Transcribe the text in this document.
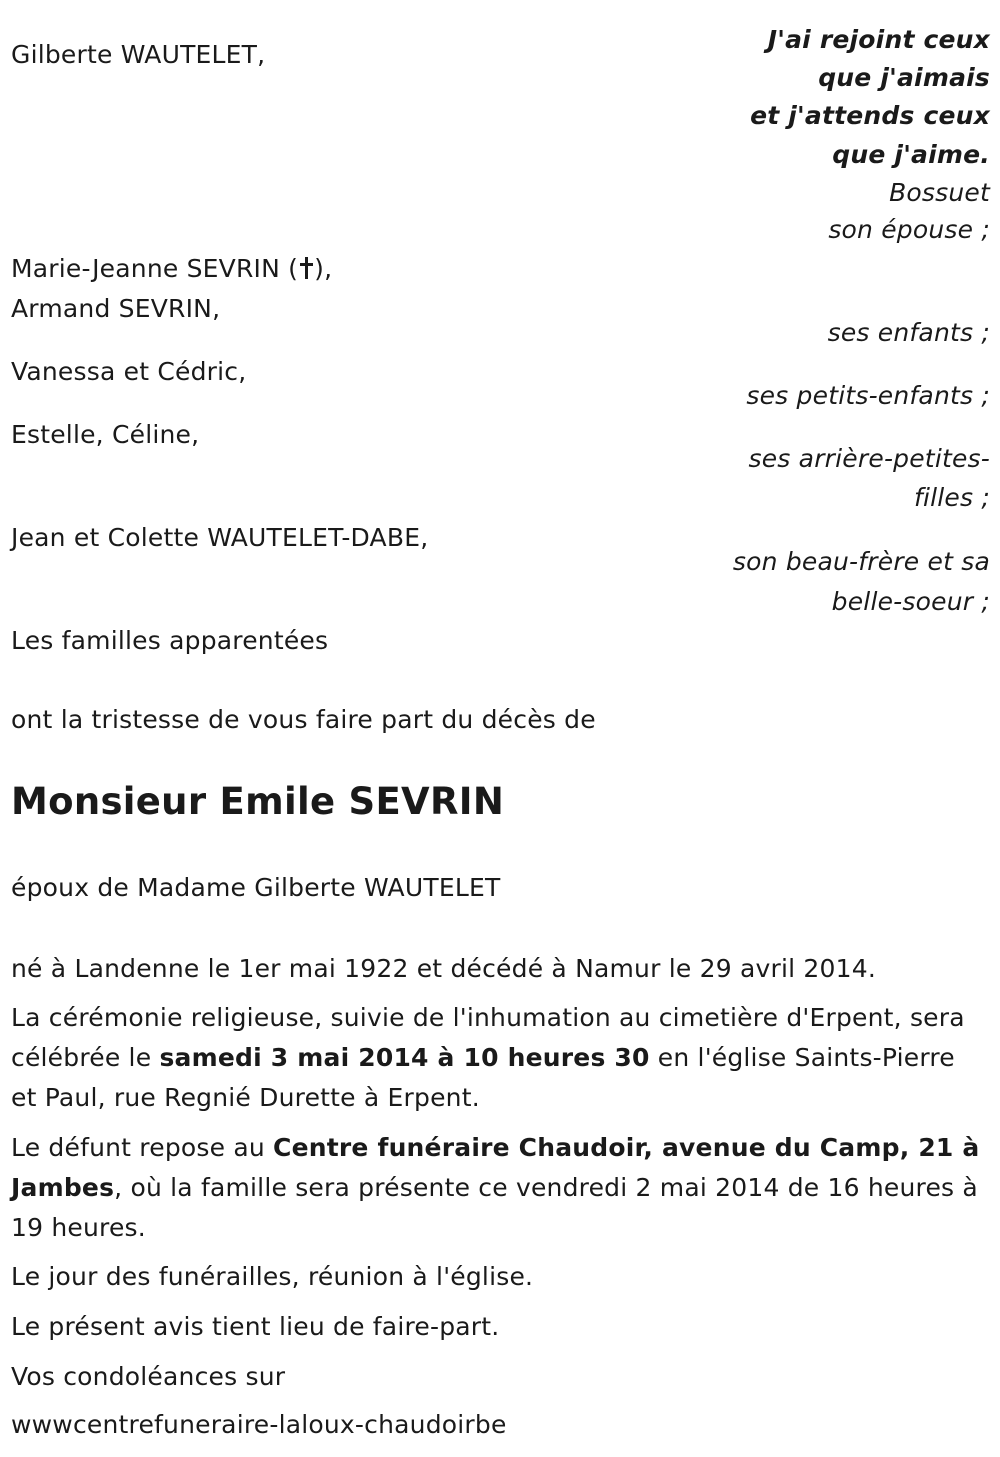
Gilberte WAUTELET,
J'ai rejoint ceux
que j'aimais
et j'attends ceux
que j'aime.
Bossuet
son épouse ;
Marie-Jeanne SEVRIN ( ),
Armand SEVRIN,
ses enfants ;
Vanessa et Cédric,
ses petits-enfants ;
Estelle, Céline,
ses arrière-petites-
filles ;
Jean et Colette WAUTELET-DABE,
son beau-frère et sa
belle-soeur ;
Les familles apparentées
ont la tristesse de vous faire part du décès de
Monsieur Emile SEVRIN
époux de Madame Gilberte WAUTELET
né à Landenne le 1er mai 1922 et décédé à Namur le 29 avril 2014.
La cérémonie religieuse, suivie de l'inhumation au cimetière d'Erpent, sera célébrée le samedi 3 mai 2014 à 10 heures 30 en l'église Saints-Pierre et Paul, rue Regnié Durette à Erpent.
Le défunt repose au Centre funéraire Chaudoir, avenue du Camp, 21 à Jambes, où la famille sera présente ce vendredi 2 mai 2014 de 16 heures à 19 heures.
Le jour des funérailles, réunion à l'église.
Le présent avis tient lieu de faire-part.
Vos condoléances sur
wwwcentrefuneraire-laloux-chaudoirbe
